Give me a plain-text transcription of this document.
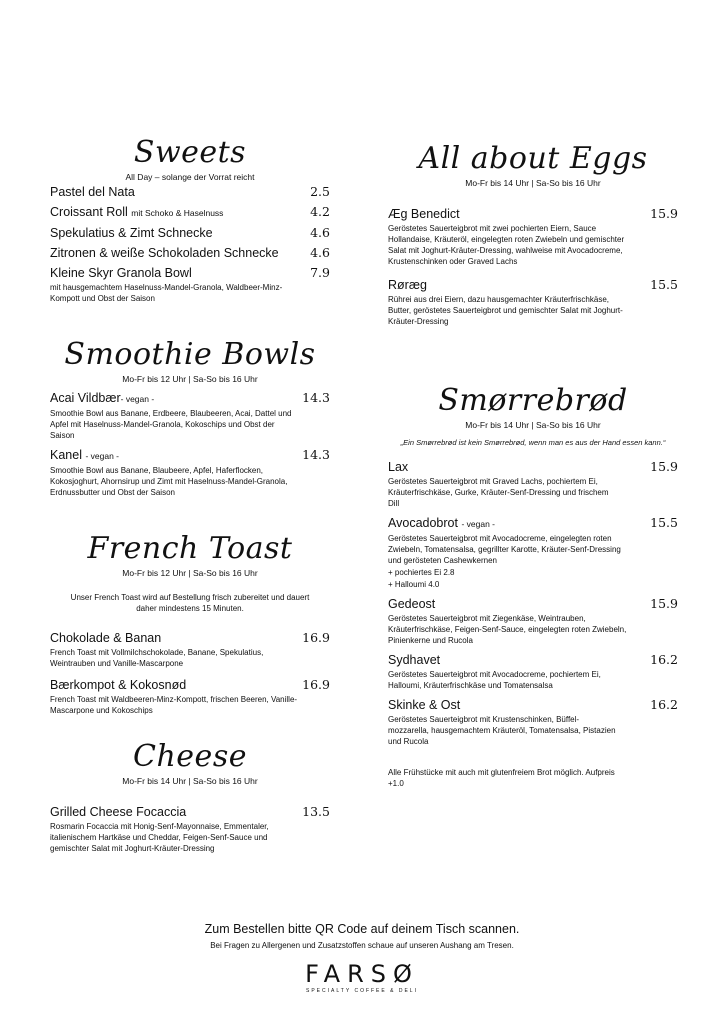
Sweets
All Day – solange der Vorrat reicht
Pastel del Nata	2.5
Croissant Roll mit Schoko & Haselnuss	4.2
Spekulatius & Zimt Schnecke	4.6
Zitronen & weiße Schokoladen Schnecke	4.6
Kleine Skyr Granola Bowl	7.9
mit hausgemachtem Haselnuss-Mandel-Granola, Waldbeer-Minz-Kompott und Obst der Saison
Smoothie Bowls
Mo-Fr bis 12 Uhr | Sa-So bis 16 Uhr
Acai Vildbær- vegan -	14.3
Smoothie Bowl aus Banane, Erdbeere, Blaubeeren, Acai, Dattel und Apfel mit Haselnuss-Mandel-Granola, Kokoschips und Obst der Saison
Kanel - vegan -	14.3
Smoothie Bowl aus Banane, Blaubeere, Apfel, Haferflocken, Kokosjoghurt, Ahornsirup und Zimt mit Haselnuss-Mandel-Granola, Erdnussbutter und Obst der Saison
French Toast
Mo-Fr bis 12 Uhr | Sa-So bis 16 Uhr
Unser French Toast wird auf Bestellung frisch zubereitet und dauert daher mindestens 15 Minuten.
Chokolade & Banan	16.9
French Toast mit Vollmilchschokolade, Banane, Spekulatius, Weintrauben und Vanille-Mascarpone
Bærkompot & Kokosnød	16.9
French Toast mit Waldbeeren-Minz-Kompott, frischen Beeren, Vanille-Mascarpone und Kokoschips
Cheese
Mo-Fr bis 14 Uhr | Sa-So bis 16 Uhr
Grilled Cheese Focaccia	13.5
Rosmarin Focaccia mit Honig-Senf-Mayonnaise, Emmentaler, italienischem Hartkäse und Cheddar, Feigen-Senf-Sauce und gemischter Salat mit Joghurt-Kräuter-Dressing
All about Eggs
Mo-Fr bis 14 Uhr | Sa-So bis 16 Uhr
Æg Benedict	15.9
Geröstetes Sauerteigbrot mit zwei pochierten Eiern, Sauce Hollandaise, Kräuteröl, eingelegten roten Zwiebeln und gemischter Salat mit Joghurt-Kräuter-Dressing, wahlweise mit Avocadocreme, Krustenschinken oder Graved Lachs
Røræg	15.5
Rührei aus drei Eiern, dazu hausgemachter Kräuterfrischkäse, Butter, geröstetes Sauerteigbrot und gemischter Salat mit Joghurt-Kräuter-Dressing
Smørrebrød
Mo-Fr bis 14 Uhr | Sa-So bis 16 Uhr
„Ein Smørrebrød ist kein Smørrebrød, wenn man es aus der Hand essen kann.“
Lax	15.9
Geröstetes Sauerteigbrot mit Graved Lachs, pochiertem Ei, Kräuterfrischkäse, Gurke, Kräuter-Senf-Dressing und frischem Dill
Avocadobrot - vegan -	15.5
Geröstetes Sauerteigbrot mit Avocadocreme, eingelegten roten Zwiebeln, Tomatensalsa, gegrillter Karotte, Kräuter-Senf-Dressing und gerösteten Cashewkernen
+ pochiertes Ei 2.8
+ Halloumi 4.0
Gedeost	15.9
Geröstetes Sauerteigbrot mit Ziegenkäse, Weintrauben, Kräuterfrischkäse, Feigen-Senf-Sauce, eingelegten roten Zwiebeln, Pinienkerne und Rucola
Sydhavet	16.2
Geröstetes Sauerteigbrot mit Avocadocreme, pochiertem Ei, Halloumi, Kräuterfrischkäse und Tomatensalsa
Skinke & Ost	16.2
Geröstetes Sauerteigbrot mit Krustenschinken, Büffel-mozzarella, hausgemachtem Kräuteröl, Tomatensalsa, Pistazien und Rucola
Alle Frühstücke mit auch mit glutenfreiem Brot möglich. Aufpreis +1.0
Zum Bestellen bitte QR Code auf deinem Tisch scannen.
Bei Fragen zu Allergenen und Zusatzstoffen schaue auf unseren Aushang am Tresen.
FARSØ
SPECIALTY COFFEE & DELI
